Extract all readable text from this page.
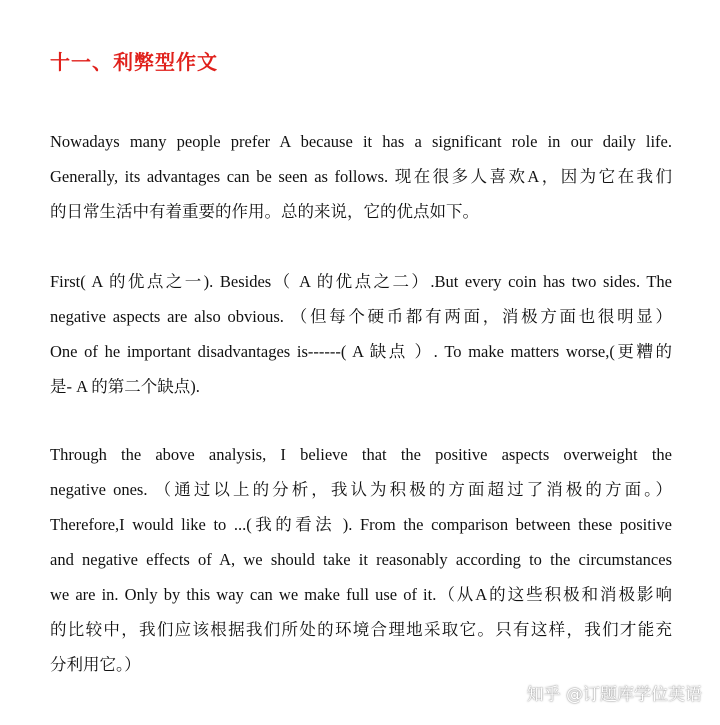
十一、利弊型作文
Nowadays many people prefer A because it has a significant role in our daily life.
Generally, its advantages can be seen as follows. 现在很多人喜欢A，因为它在我们
的日常生活中有着重要的作用。总的来说，它的优点如下。
First( A 的优点之一). Besides（ A 的优点之二）.But every coin has two sides. The
negative aspects are also obvious. （但每个硬币都有两面，消极方面也很明显）
One of he important disadvantages is------( A 缺点 ）. To make matters worse,(更糟的
是- A 的第二个缺点).
Through the above analysis, I believe that the positive aspects overweight the
negative ones. （通过以上的分析，我认为积极的方面超过了消极的方面。）
Therefore,I would like to ...(我的看法 ). From the comparison between these positive
and negative effects of A, we should take it reasonably according to the circumstances
we are in. Only by this way can we make full use of it.（从A的这些积极和消极影响
的比较中，我们应该根据我们所处的环境合理地采取它。只有这样，我们才能充
分利用它。）
知乎 @订题库学位英语
